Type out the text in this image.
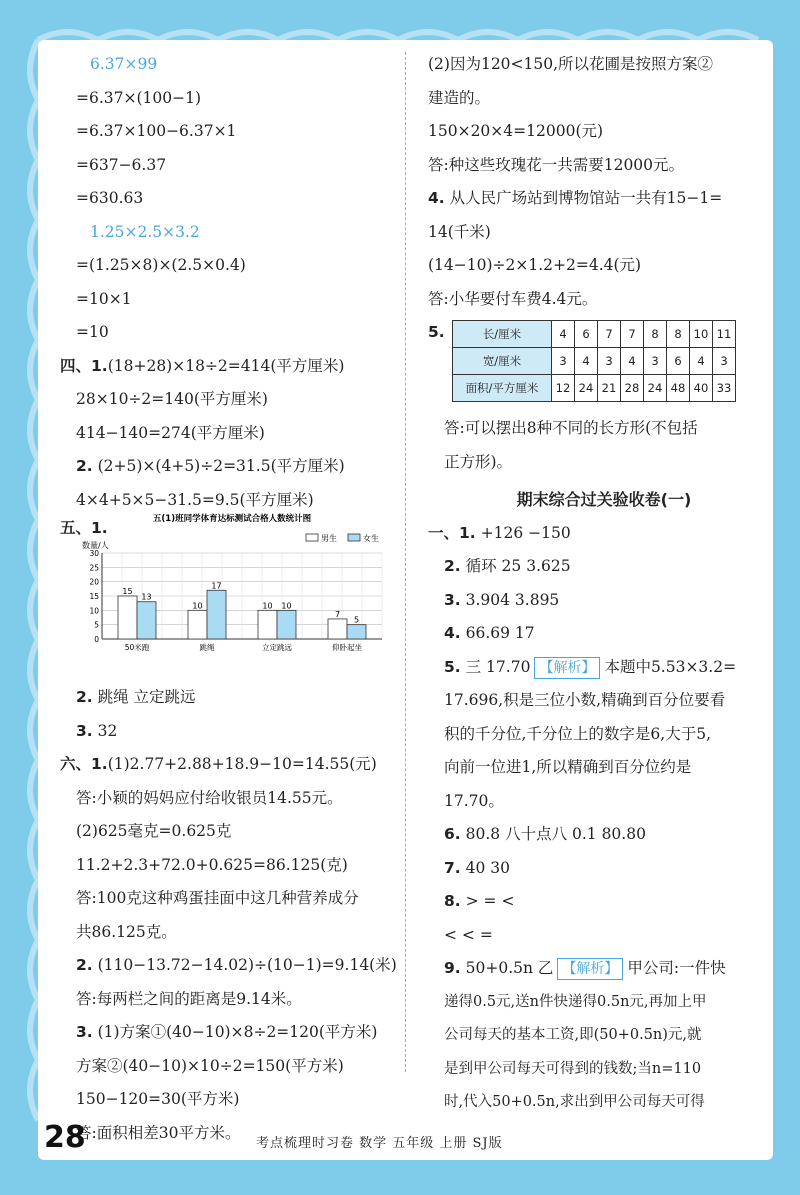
6.37×99
=6.37×(100−1)
=6.37×100−6.37×1
=637−6.37
=630.63
1.25×2.5×3.2
=(1.25×8)×(2.5×0.4)
=10×1
=10
四、1.(18+28)×18÷2=414(平方厘米)
28×10÷2=140(平方厘米)
414−140=274(平方厘米)
2. (2+5)×(4+5)÷2=31.5(平方厘米)
4×4+5×5−31.5=9.5(平方厘米)
五、1.	五(1)班同学体育达标测试合格人数统计图
数量/人
男生	女生
0
5
10
15
20
25
30
15
13
50米跑
10
17
跳绳
10 10
立定跳远
7
5
仰卧起坐
2. 跳绳 立定跳远
3. 32
六、1.(1)2.77+2.88+18.9−10=14.55(元)
答:小颖的妈妈应付给收银员14.55元。
(2)625毫克=0.625克
11.2+2.3+72.0+0.625=86.125(克)
答:100克这种鸡蛋挂面中这几种营养成分
共86.125克。
2. (110−13.72−14.02)÷(10−1)=9.14(米)
答:每两栏之间的距离是9.14米。
3. (1)方案①(40−10)×8÷2=120(平方米)
方案②(40−10)×10÷2=150(平方米)
150−120=30(平方米)
答:面积相差30平方米。
(2)因为120<150,所以花圃是按照方案②
建造的。
150×20×4=12000(元)
答:种这些玫瑰花一共需要12000元。
4. 从人民广场站到博物馆站一共有15−1=
14(千米)
(14−10)÷2×1.2+2=4.4(元)
答:小华要付车费4.4元。
5.	长/厘米	4	6	7	7	8	8	10	11
宽/厘米	3	4	3	4	3	6	4	3
面积/平方厘米	12	24	21	28	24	48	40	33
答:可以摆出8种不同的长方形(不包括
正方形)。
期末综合过关验收卷(一)
一、1. +126 −150
2. 循环 25 3.625
3. 3.904 3.895
4. 66.69 17
5. 三 17.70 【 解析 】 本题中5.53×3.2=
17.696,积是三位小数,精确到百分位要看
积的千分位,千分位上的数字是6,大于5,
向前一位进1,所以精确到百分位约是
17.70。
6. 80.8 八十点八 0.1 80.80
7. 40 30
8. > = <
< < =
9. 50+0.5n 乙 【 解析 】 甲公司:一件快
递得0.5元,送n件快递得0.5n元,再加上甲
公司每天的基本工资,即(50+0.5n)元,就
是到甲公司每天可得到的钱数;当n=110
时,代入50+0.5n,求出到甲公司每天可得
28	考点梳理时习卷 数学 五年级 上册 SJ版
